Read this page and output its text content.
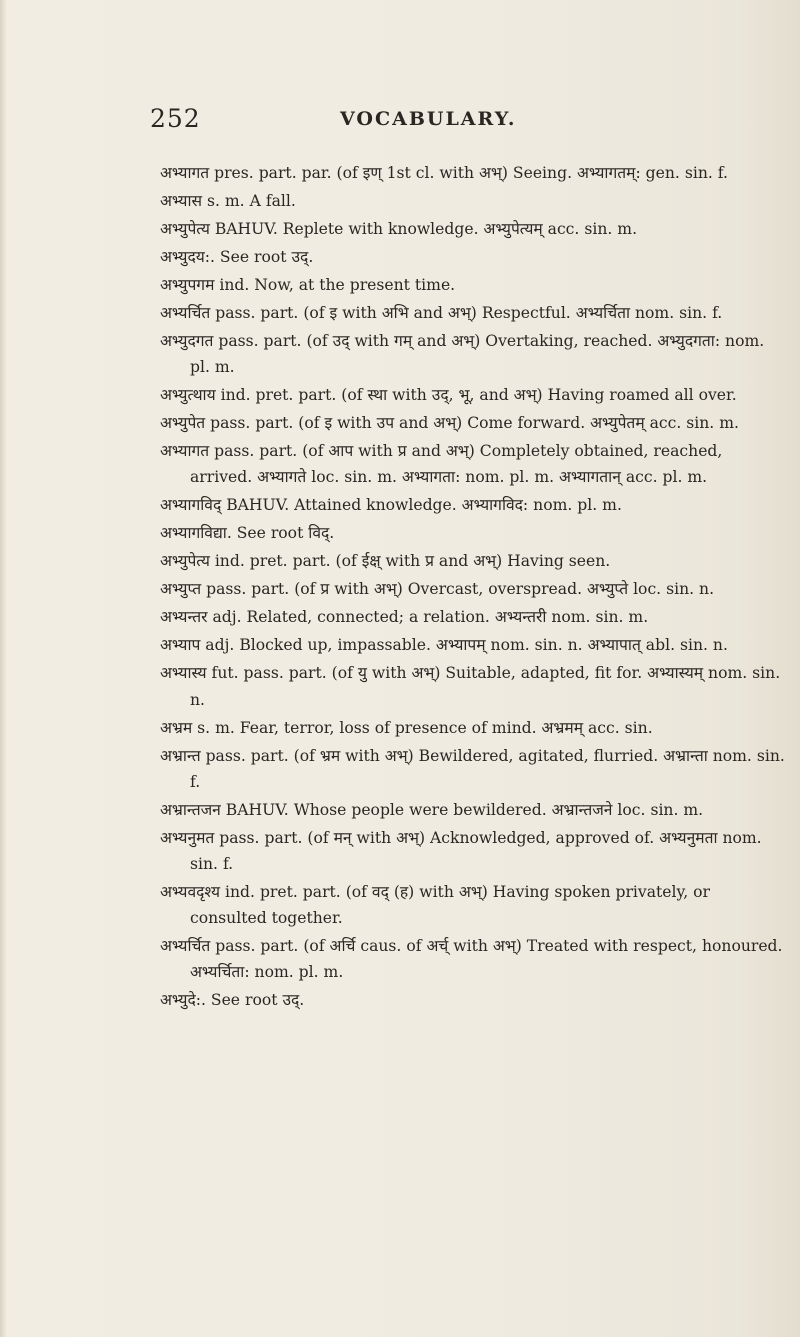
252	VOCABULARY.

अभ्यागत pres. part. par. (of इण् 1st cl. with अभ्) Seeing. अभ्यागतम्: gen. sin. f.

अभ्यास s. m. A fall.

अभ्युपेत्य BAHUV. Replete with knowledge. अभ्युपेत्यम् acc. sin. m.

अभ्युदय:. See root उद्.

अभ्युपगम ind. Now, at the present time.

अभ्यर्चित pass. part. (of इ with अभि and अभ्) Respectful. अभ्यर्चिता nom. sin. f.

अभ्युदगत pass. part. (of उद् with गम् and अभ्) Overtaking, reached. अभ्युदगता: nom. pl. m.

अभ्युत्थाय ind. pret. part. (of स्था with उद्, भू, and अभ्) Having roamed all over.

अभ्युपेत pass. part. (of इ with उप and अभ्) Come forward. अभ्युपेतम् acc. sin. m.

अभ्यागत pass. part. (of आप with प्र and अभ्) Completely obtained, reached, arrived. अभ्यागते loc. sin. m. अभ्यागता: nom. pl. m. अभ्यागतान् acc. pl. m.

अभ्यागविद् BAHUV. Attained knowledge. अभ्यागविद: nom. pl. m.

अभ्यागविद्या. See root विद्.

अभ्युपेत्य ind. pret. part. (of ईक्ष् with प्र and अभ्) Having seen.

अभ्युप्त pass. part. (of प्र with अभ्) Overcast, overspread. अभ्युप्ते loc. sin. n.

अभ्यन्तर adj. Related, connected; a relation. अभ्यन्तरी nom. sin. m.

अभ्याप adj. Blocked up, impassable. अभ्यापम् nom. sin. n. अभ्यापात् abl. sin. n.

अभ्यास्य fut. pass. part. (of यु with अभ्) Suitable, adapted, fit for. अभ्यास्यम् nom. sin. n.

अभ्रम s. m. Fear, terror, loss of presence of mind. अभ्रमम् acc. sin.

अभ्रान्त pass. part. (of भ्रम with अभ्) Bewildered, agitated, flurried. अभ्रान्ता nom. sin. f.

अभ्रान्तजन BAHUV. Whose people were bewildered. अभ्रान्तजने loc. sin. m.

अभ्यनुमत pass. part. (of मन् with अभ्) Acknowledged, approved of. अभ्यनुमता nom. sin. f.

अभ्यवदृश्य ind. pret. part. (of वद् (ह) with अभ्) Having spoken privately, or consulted together.

अभ्यर्चित pass. part. (of अर्चि caus. of अर्च् with अभ्) Treated with respect, honoured. अभ्यर्चिता: nom. pl. m.

अभ्युदे:. See root उद्.
